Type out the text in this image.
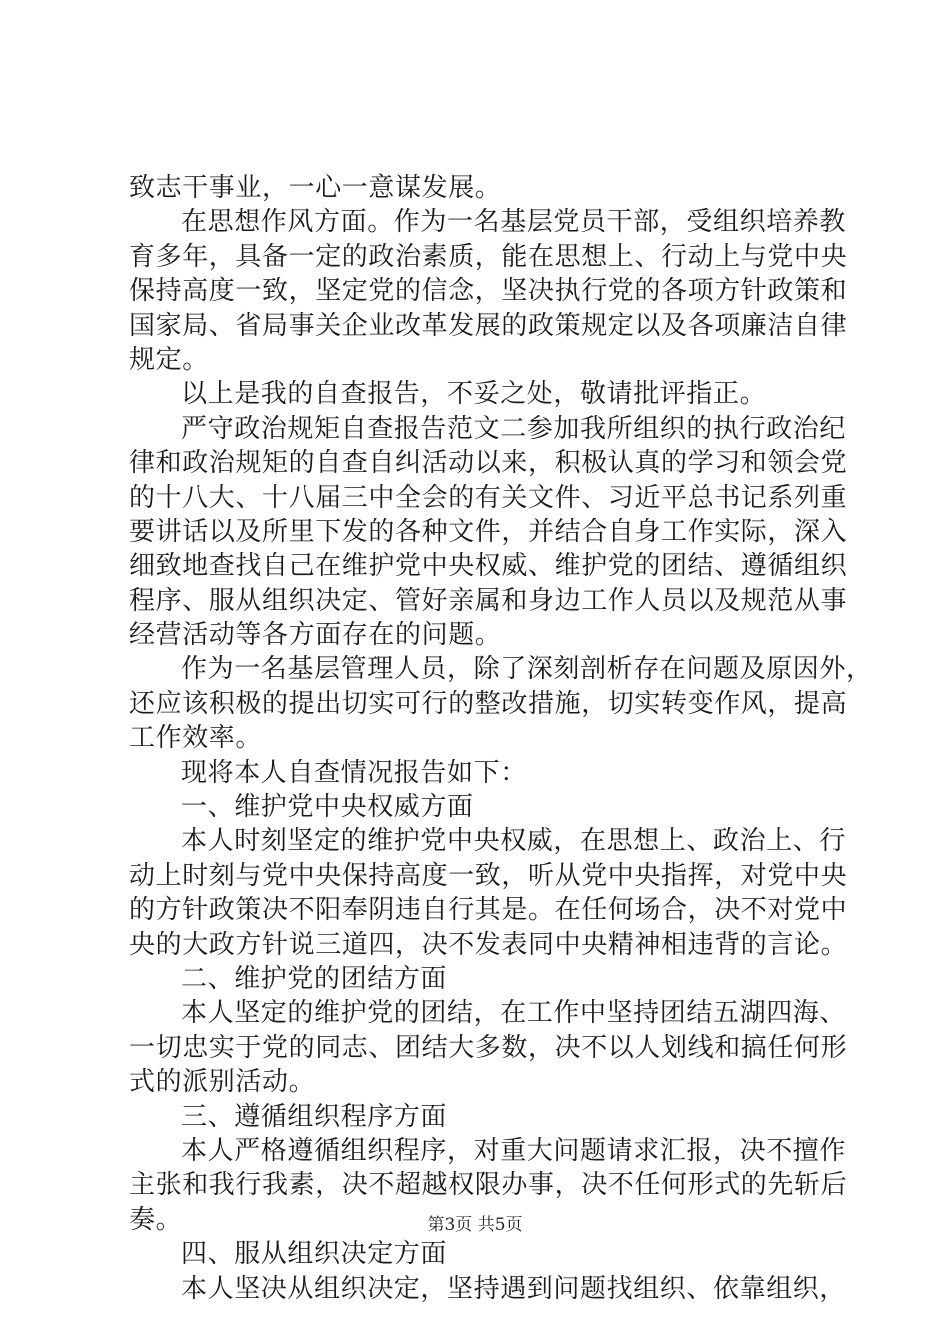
致志干事业，一心一意谋发展。
在思想作风方面。作为一名基层党员干部，受组织培养教
育多年，具备一定的政治素质，能在思想上、行动上与党中央
保持高度一致，坚定党的信念，坚决执行党的各项方针政策和
国家局、省局事关企业改革发展的政策规定以及各项廉洁自律
规定。
以上是我的自查报告，不妥之处，敬请批评指正。
严守政治规矩自查报告范文二参加我所组织的执行政治纪
律和政治规矩的自查自纠活动以来，积极认真的学习和领会党
的十八大、十八届三中全会的有关文件、习近平总书记系列重
要讲话以及所里下发的各种文件，并结合自身工作实际，深入
细致地查找自己在维护党中央权威、维护党的团结、遵循组织
程序、服从组织决定、管好亲属和身边工作人员以及规范从事
经营活动等各方面存在的问题。
作为一名基层管理人员，除了深刻剖析存在问题及原因外，
还应该积极的提出切实可行的整改措施，切实转变作风，提高
工作效率。
现将本人自查情况报告如下：
一、维护党中央权威方面
本人时刻坚定的维护党中央权威，在思想上、政治上、行
动上时刻与党中央保持高度一致，听从党中央指挥，对党中央
的方针政策决不阳奉阴违自行其是。在任何场合，决不对党中
央的大政方针说三道四，决不发表同中央精神相违背的言论。
二、维护党的团结方面
本人坚定的维护党的团结，在工作中坚持团结五湖四海、
一切忠实于党的同志、团结大多数，决不以人划线和搞任何形
式的派别活动。
三、遵循组织程序方面
本人严格遵循组织程序，对重大问题请求汇报，决不擅作
主张和我行我素，决不超越权限办事，决不任何形式的先斩后
奏。
四、服从组织决定方面
本人坚决从组织决定，坚持遇到问题找组织、依靠组织，
第3页 共5页
